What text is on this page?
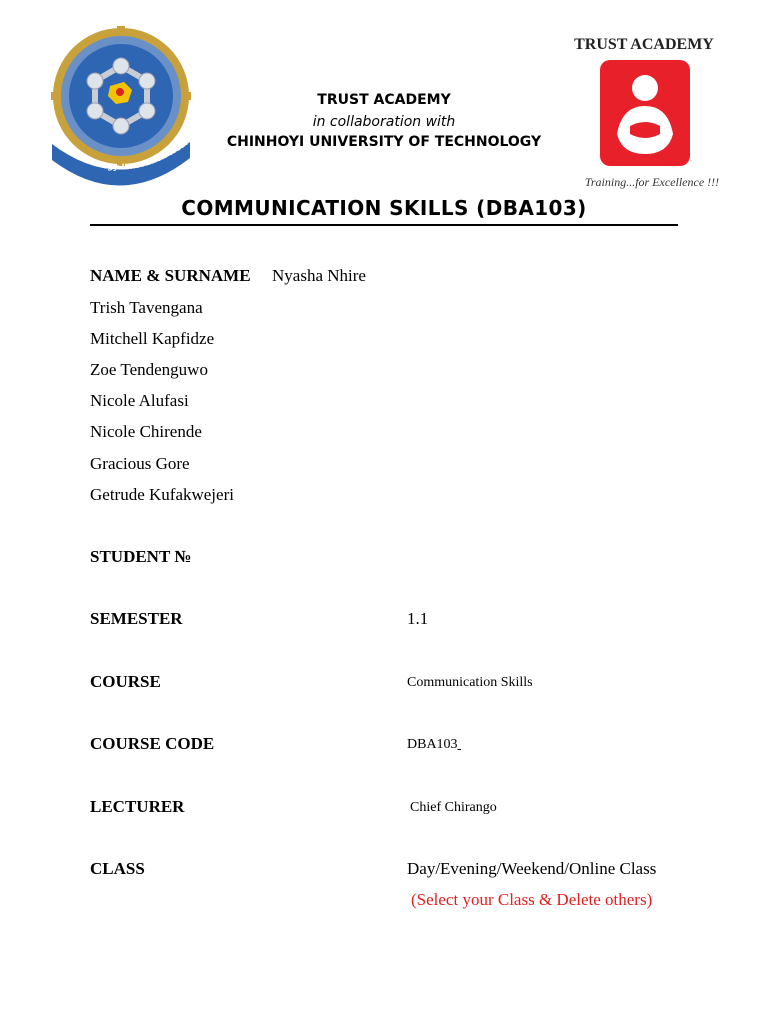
Technology Innovation Weal
TRUST ACADEMY
in collaboration with
CHINHOYI UNIVERSITY OF TECHNOLOGY
TRUST ACADEMY
Training...for Excellence !!!
COMMUNICATION SKILLS (DBA103)
NAME & SURNAME Nyasha Nhire
Trish Tavengana
Mitchell Kapfidze
Zoe Tendenguwo
Nicole Alufasi
Nicole Chirende
Gracious Gore
Getrude Kufakwejeri
STUDENT №
SEMESTER	1.1
COURSE	Communication Skills
COURSE CODE	DBA103
LECTURER	Chief Chirango
CLASS	Day/Evening/Weekend/Online Class
(Select your Class & Delete others)
